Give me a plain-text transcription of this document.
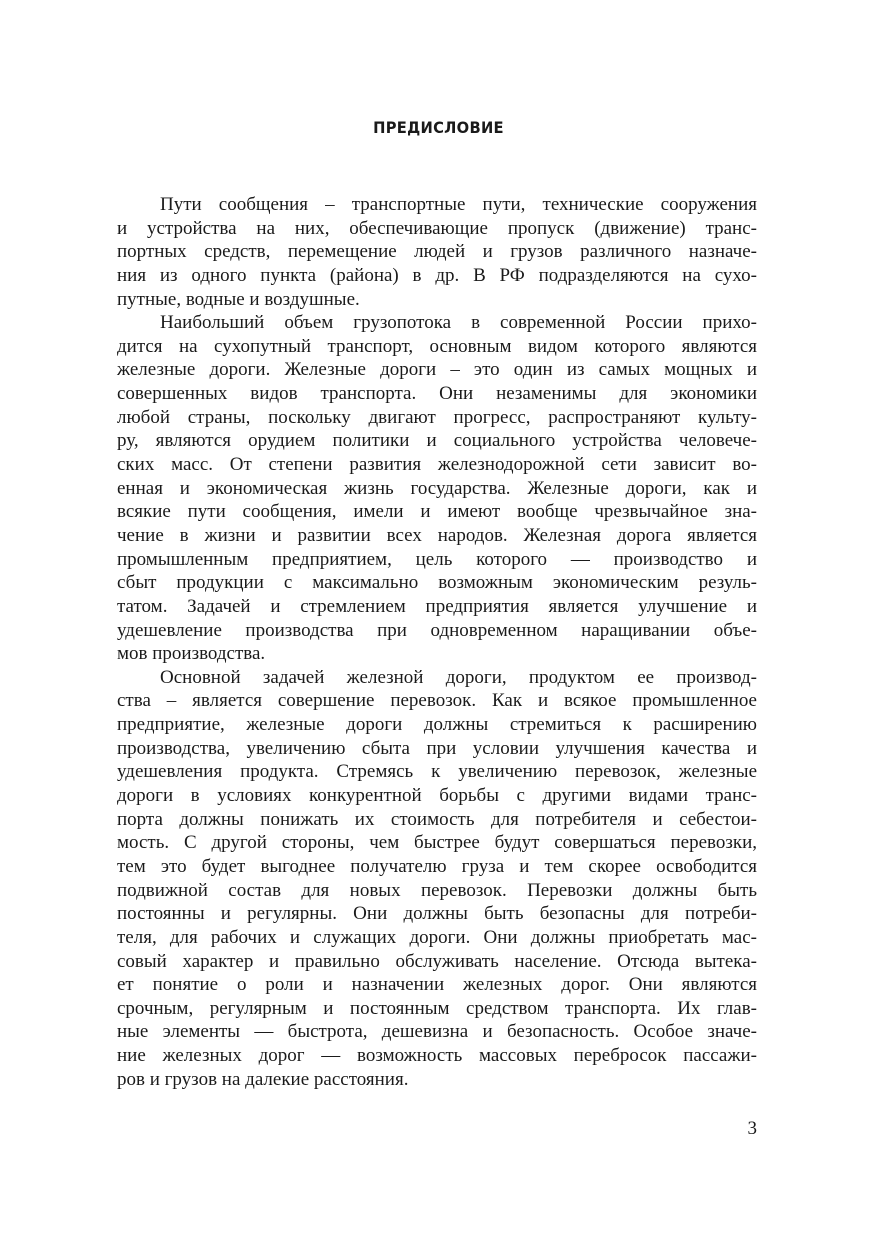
ПРЕДИСЛОВИЕ
Пути сообщения – транспортные пути, технические сооружения
и устройства на них, обеспечивающие пропуск (движение) транс-
портных средств, перемещение людей и грузов различного назначе-
ния из одного пункта (района) в др. В РФ подразделяются на сухо-
путные, водные и воздушные.
Наибольший объем грузопотока в современной России прихо-
дится на сухопутный транспорт, основным видом которого являются
железные дороги. Железные дороги – это один из самых мощных и
совершенных видов транспорта. Они незаменимы для экономики
любой страны, поскольку двигают прогресс, распространяют культу-
ру, являются орудием политики и социального устройства человече-
ских масс. От степени развития железнодорожной сети зависит во-
енная и экономическая жизнь государства. Железные дороги, как и
всякие пути сообщения, имели и имеют вообще чрезвычайное зна-
чение в жизни и развитии всех народов. Железная дорога является
промышленным предприятием, цель которого — производство и
сбыт продукции с максимально возможным экономическим резуль-
татом. Задачей и стремлением предприятия является улучшение и
удешевление производства при одновременном наращивании объе-
мов производства.
Основной задачей железной дороги, продуктом ее производ-
ства – является совершение перевозок. Как и всякое промышленное
предприятие, железные дороги должны стремиться к расширению
производства, увеличению сбыта при условии улучшения качества и
удешевления продукта. Стремясь к увеличению перевозок, железные
дороги в условиях конкурентной борьбы с другими видами транс-
порта должны понижать их стоимость для потребителя и себестои-
мость. С другой стороны, чем быстрее будут совершаться перевозки,
тем это будет выгоднее получателю груза и тем скорее освободится
подвижной состав для новых перевозок. Перевозки должны быть
постоянны и регулярны. Они должны быть безопасны для потреби-
теля, для рабочих и служащих дороги. Они должны приобретать мас-
совый характер и правильно обслуживать население. Отсюда вытека-
ет понятие о роли и назначении железных дорог. Они являются
срочным, регулярным и постоянным средством транспорта. Их глав-
ные элементы — быстрота, дешевизна и безопасность. Особое значе-
ние железных дорог — возможность массовых перебросок пассажи-
ров и грузов на далекие расстояния.
3
